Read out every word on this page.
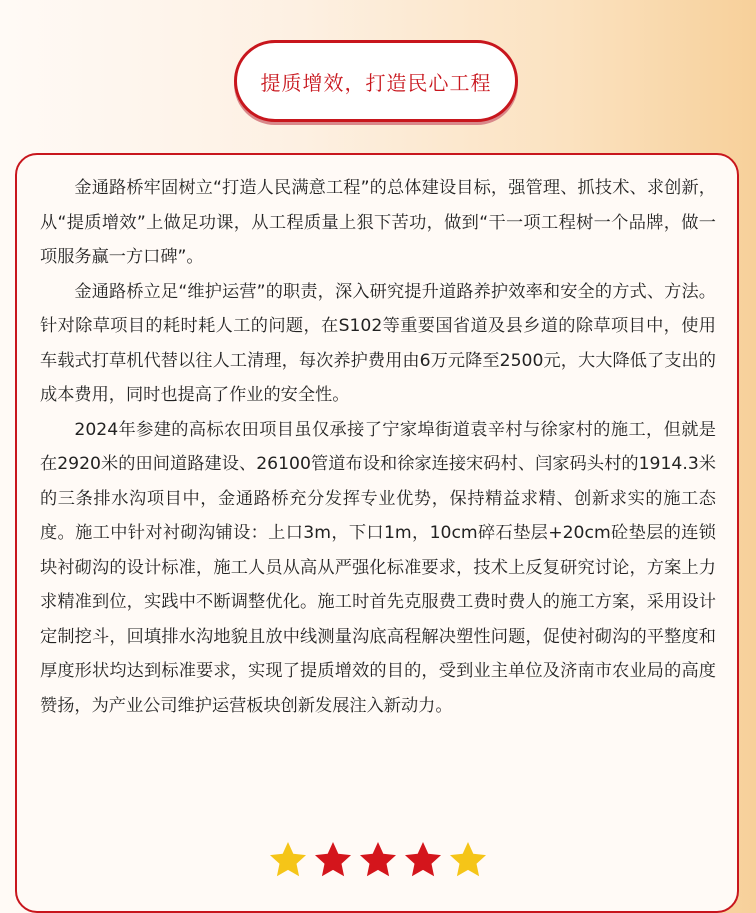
提质增效，打造民心工程

金通路桥牢固树立“打造人民满意工程”的总体建设目标，强管理、抓技术、求创新，从“提质增效”上做足功课，从工程质量上狠下苦功，做到“干一项工程树一个品牌，做一项服务赢一方口碑”。

金通路桥立足“维护运营”的职责，深入研究提升道路养护效率和安全的方式、方法。针对除草项目的耗时耗人工的问题，在S102等重要国省道及县乡道的除草项目中，使用车载式打草机代替以往人工清理，每次养护费用由6万元降至2500元，大大降低了支出的成本费用，同时也提高了作业的安全性。

2024年参建的高标农田项目虽仅承接了宁家埠街道袁辛村与徐家村的施工，但就是在2920米的田间道路建设、26100管道布设和徐家连接宋码村、闫家码头村的1914.3米的三条排水沟项目中，金通路桥充分发挥专业优势，保持精益求精、创新求实的施工态度。施工中针对衬砌沟铺设：上口3m，下口1m，10cm碎石垫层+20cm砼垫层的连锁块衬砌沟的设计标准，施工人员从高从严强化标准要求，技术上反复研究讨论，方案上力求精准到位，实践中不断调整优化。施工时首先克服费工费时费人的施工方案，采用设计定制挖斗，回填排水沟地貌且放中线测量沟底高程解决塑性问题，促使衬砌沟的平整度和厚度形状均达到标准要求，实现了提质增效的目的，受到业主单位及济南市农业局的高度赞扬，为产业公司维护运营板块创新发展注入新动力。
